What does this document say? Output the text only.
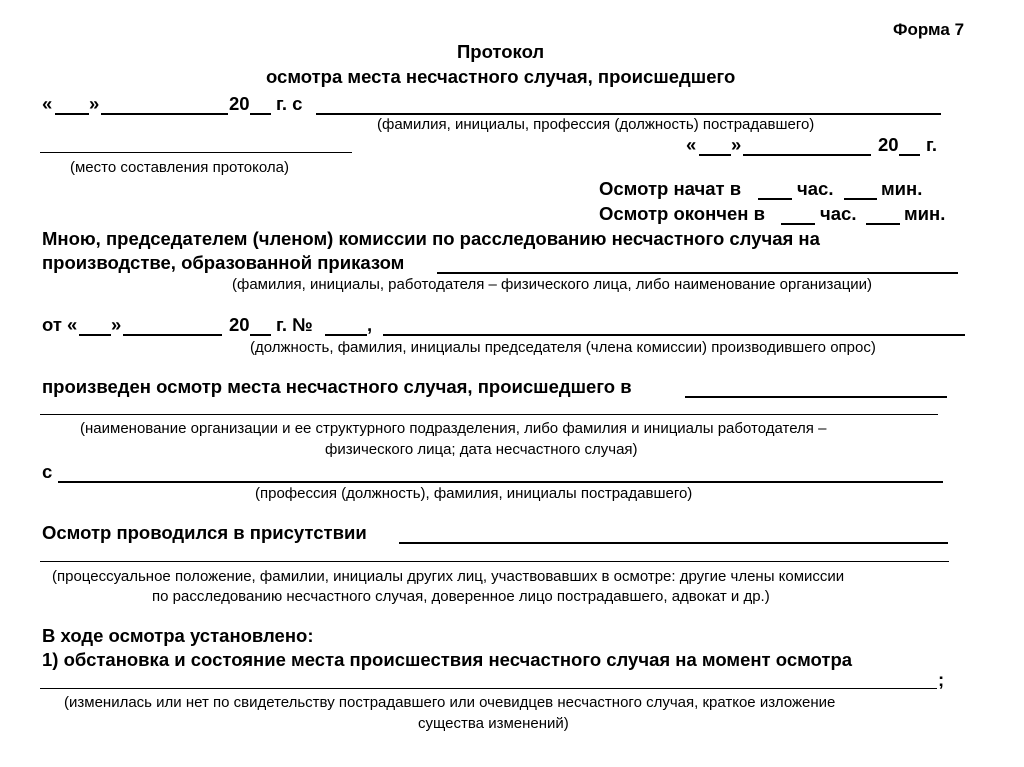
Форма 7
Протокол
осмотра места несчастного случая, происшедшего
« »	20 г. с
(фамилия, инициалы, профессия (должность) пострадавшего)
(место составления протокола)
« »	20 г.
Осмотр начат в	час.	мин.
Осмотр окончен в	час.	мин.
Мною, председателем (членом) комиссии по расследованию несчастного случая на
производстве, образованной приказом
(фамилия, инициалы, работодателя – физического лица, либо наименование организации)
от « »	20 г. №	,
(должность, фамилия, инициалы председателя (члена комиссии) производившего опрос)
произведен осмотр места несчастного случая, происшедшего в
(наименование организации и ее структурного подразделения, либо фамилия и инициалы работодателя –
физического лица; дата несчастного случая)
с
(профессия (должность), фамилия, инициалы пострадавшего)
Осмотр проводился в присутствии
(процессуальное положение, фамилии, инициалы других лиц, участвовавших в осмотре: другие члены комиссии
по расследованию несчастного случая, доверенное лицо пострадавшего, адвокат и др.)
В ходе осмотра установлено:
1) обстановка и состояние места происшествия несчастного случая на момент осмотра
;
(изменилась или нет по свидетельству пострадавшего или очевидцев несчастного случая, краткое изложение
существа изменений)
